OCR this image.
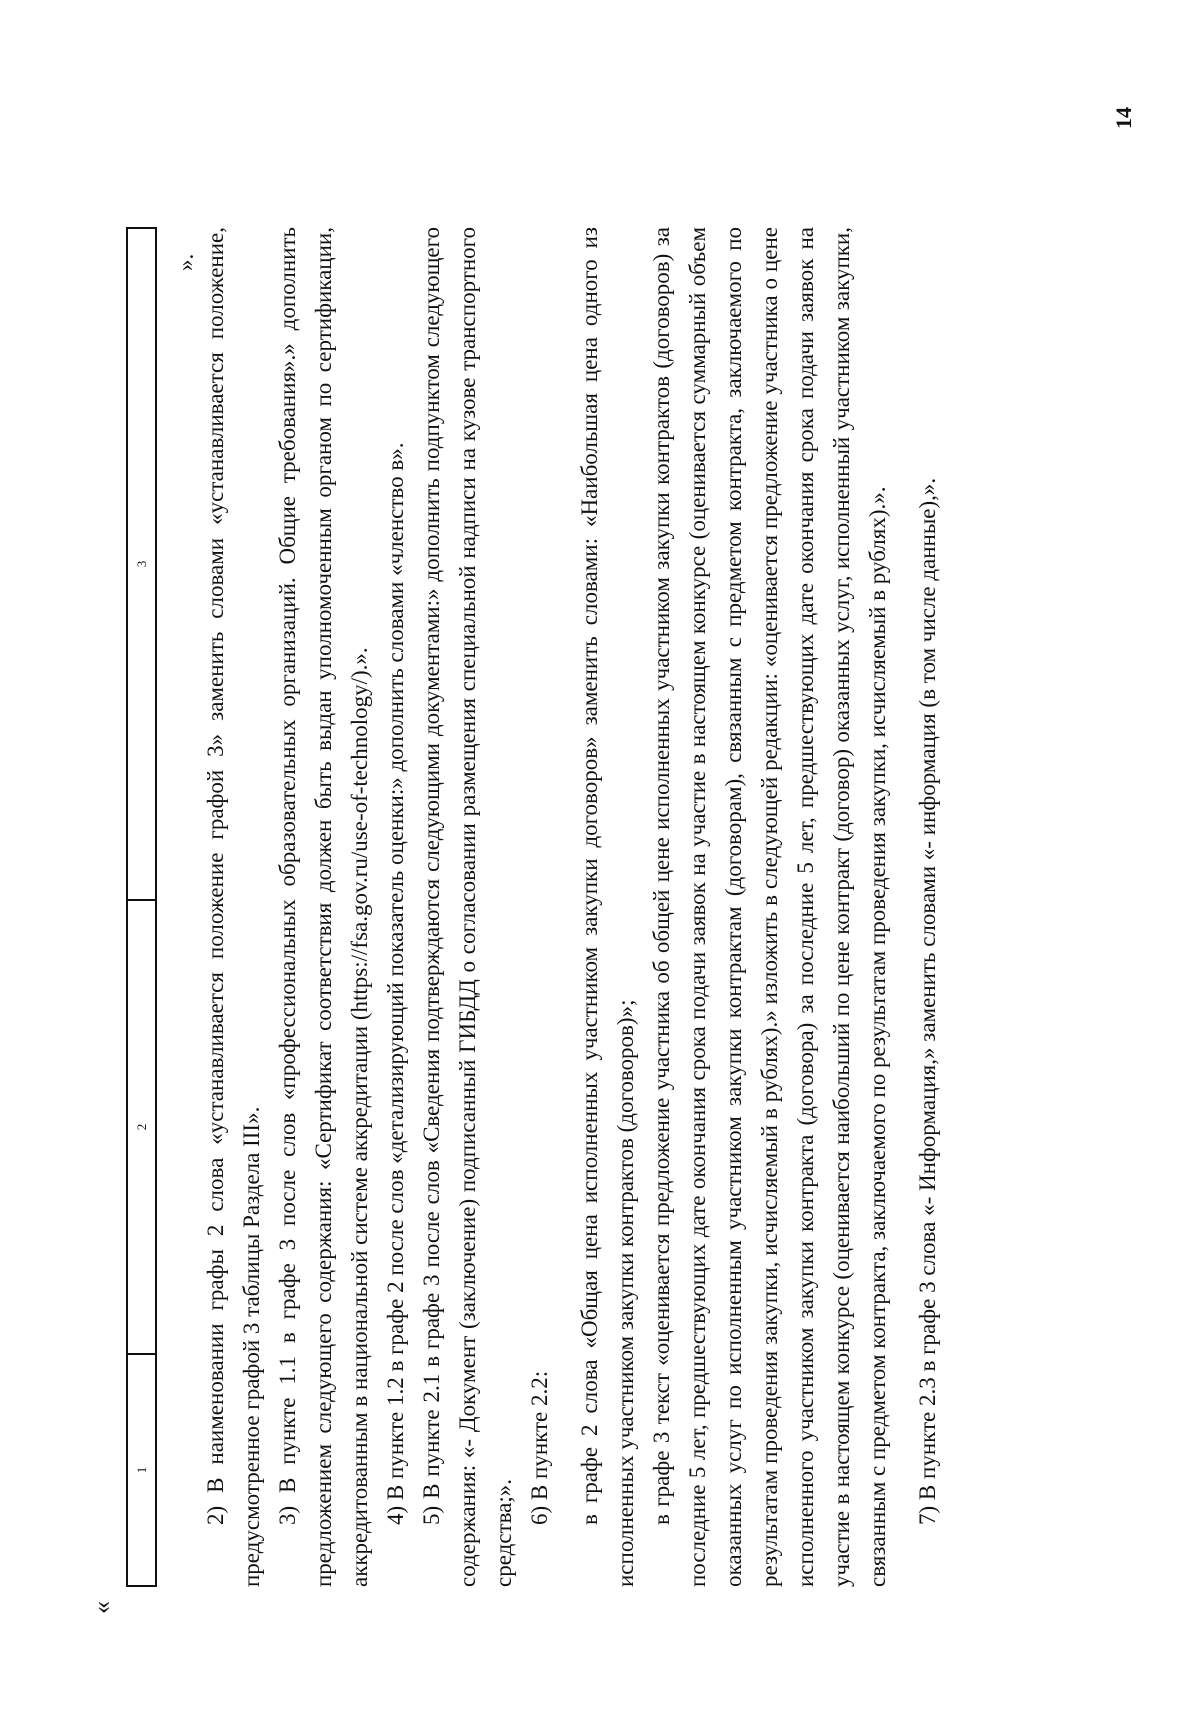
«
1
2
3
».

2) В наименовании графы 2 слова «устанавливается положение графой 3» заменить словами «устанавливается положение, предусмотренное графой 3 таблицы Раздела III». 3) В пункте 1.1 в графе 3 после слов «профессиональных образовательных организаций. Общие требования».» дополнить предложением следующего содержания: «Сертификат соответствия должен быть выдан уполномоченным органом по сертификации, аккредитованным в национальной системе аккредитации (https://fsa.gov.ru/use-of-technology/).». 4) В пункте 1.2 в графе 2 после слов «детализирующий показатель оценки:» дополнить словами «членство в».

5) В пункте 2.1 в графе 3 после слов «Сведения подтверждаются следующими документами:» дополнить подпунктом следующего содержания: «- Документ (заключение) подписанный ГИБДД о согласовании размещения специальной надписи на кузове транспортного средства;». 6) В пункте 2.2: в графе 2 слова «Общая цена исполненных участником закупки договоров» заменить словами: «Наибольшая цена одного из исполненных участником закупки контрактов (договоров)»; в графе 3 текст «оценивается предложение участника об общей цене исполненных участником закупки контрактов (договоров) за последние 5 лет, предшествующих дате окончания срока подачи заявок на участие в настоящем конкурсе (оценивается суммарный объем оказанных услуг по исполненным участником закупки контрактам (договорам), связанным с предметом контракта, заключаемого по результатам проведения закупки, исчисляемый в рублях).» изложить в следующей редакции: «оценивается предложение участника о цене исполненного участником закупки контракта (договора) за последние 5 лет, предшествующих дате окончания срока подачи заявок на участие в настоящем конкурсе (оценивается наибольший по цене контракт (договор) оказанных услуг, исполненный участником закупки, связанным с предметом контракта, заключаемого по результатам проведения закупки, исчисляемый в рублях).». 7) В пункте 2.3 в графе 3 слова «- Информация,» заменить словами «- информация (в том числе данные),».

14
